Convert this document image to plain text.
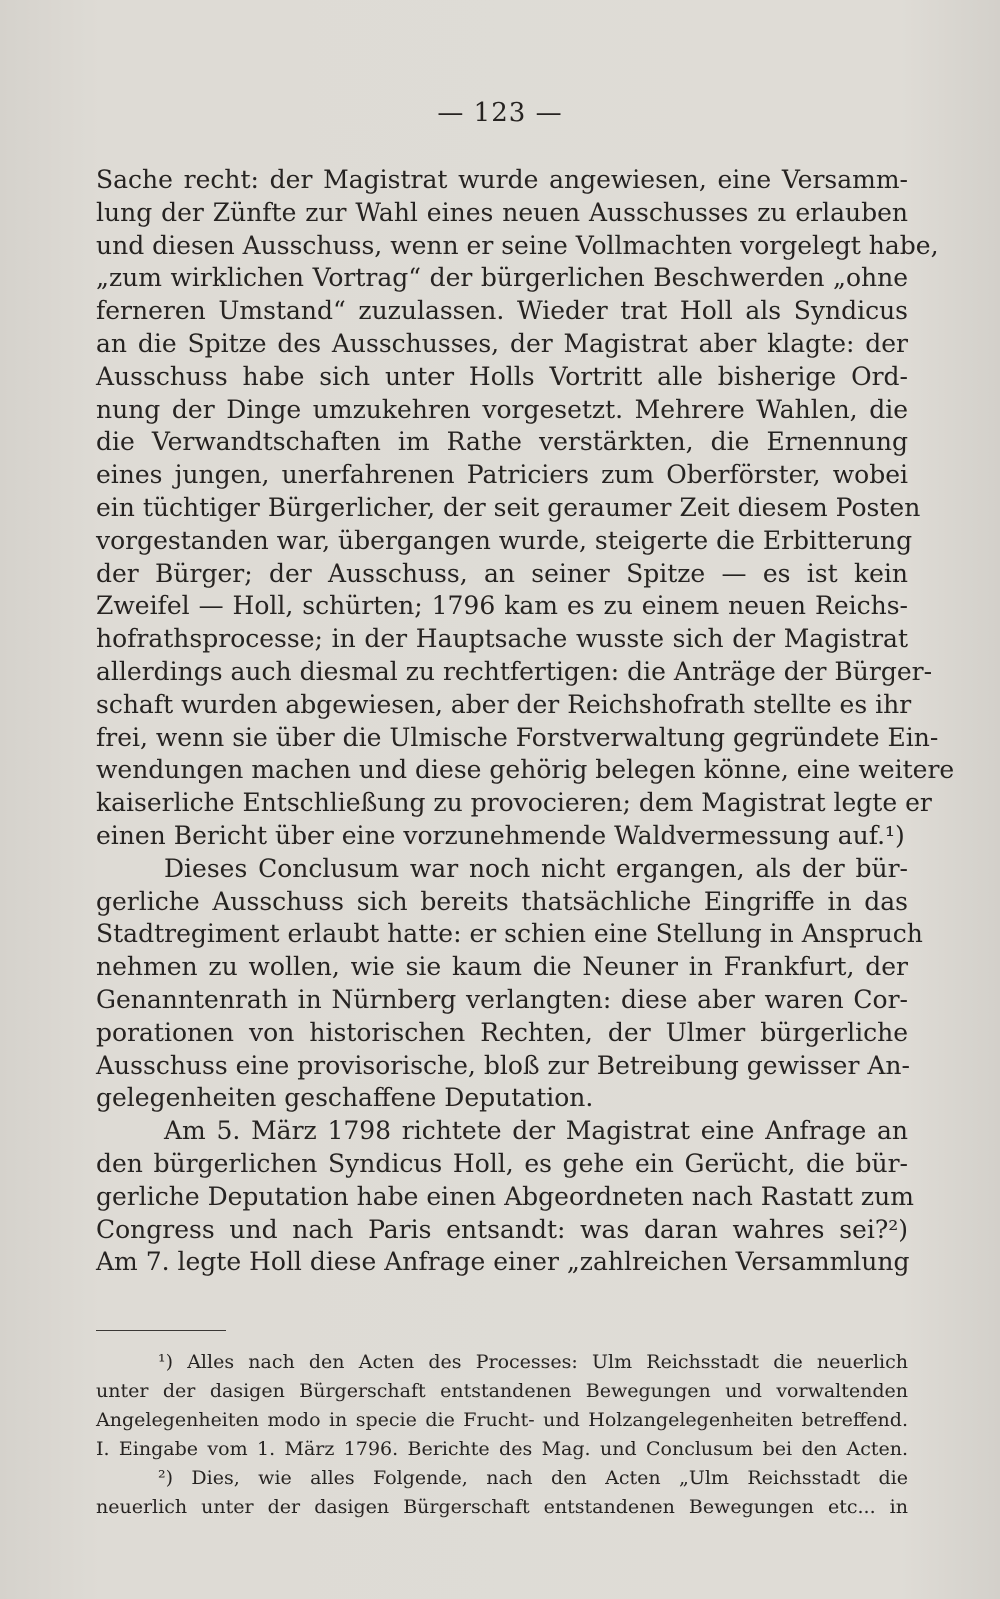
— 123 —
Sache recht: der Magistrat wurde angewiesen, eine Versamm-
lung der Zünfte zur Wahl eines neuen Ausschusses zu erlauben
und diesen Ausschuss, wenn er seine Vollmachten vorgelegt habe,
„zum wirklichen Vortrag“ der bürgerlichen Beschwerden „ohne
ferneren Umstand“ zuzulassen. Wieder trat Holl als Syndicus
an die Spitze des Ausschusses, der Magistrat aber klagte: der
Ausschuss habe sich unter Holls Vortritt alle bisherige Ord-
nung der Dinge umzukehren vorgesetzt. Mehrere Wahlen, die
die Verwandtschaften im Rathe verstärkten, die Ernennung
eines jungen, unerfahrenen Patriciers zum Oberförster, wobei
ein tüchtiger Bürgerlicher, der seit geraumer Zeit diesem Posten
vorgestanden war, übergangen wurde, steigerte die Erbitterung
der Bürger; der Ausschuss, an seiner Spitze — es ist kein
Zweifel — Holl, schürten; 1796 kam es zu einem neuen Reichs-
hofrathsprocesse; in der Hauptsache wusste sich der Magistrat
allerdings auch diesmal zu rechtfertigen: die Anträge der Bürger-
schaft wurden abgewiesen, aber der Reichshofrath stellte es ihr
frei, wenn sie über die Ulmische Forstverwaltung gegründete Ein-
wendungen machen und diese gehörig belegen könne, eine weitere
kaiserliche Entschließung zu provocieren; dem Magistrat legte er
einen Bericht über eine vorzunehmende Waldvermessung auf.¹)
Dieses Conclusum war noch nicht ergangen, als der bür-
gerliche Ausschuss sich bereits thatsächliche Eingriffe in das
Stadtregiment erlaubt hatte: er schien eine Stellung in Anspruch
nehmen zu wollen, wie sie kaum die Neuner in Frankfurt, der
Genanntenrath in Nürnberg verlangten: diese aber waren Cor-
porationen von historischen Rechten, der Ulmer bürgerliche
Ausschuss eine provisorische, bloß zur Betreibung gewisser An-
gelegenheiten geschaffene Deputation.
Am 5. März 1798 richtete der Magistrat eine Anfrage an
den bürgerlichen Syndicus Holl, es gehe ein Gerücht, die bür-
gerliche Deputation habe einen Abgeordneten nach Rastatt zum
Congress und nach Paris entsandt: was daran wahres sei?²)
Am 7. legte Holl diese Anfrage einer „zahlreichen Versammlung
¹) Alles nach den Acten des Processes: Ulm Reichsstadt die neuerlich
unter der dasigen Bürgerschaft entstandenen Bewegungen und vorwaltenden
Angelegenheiten modo in specie die Frucht- und Holzangelegenheiten betreffend.
I. Eingabe vom 1. März 1796. Berichte des Mag. und Conclusum bei den Acten.
²) Dies, wie alles Folgende, nach den Acten „Ulm Reichsstadt die
neuerlich unter der dasigen Bürgerschaft entstandenen Bewegungen etc... in
